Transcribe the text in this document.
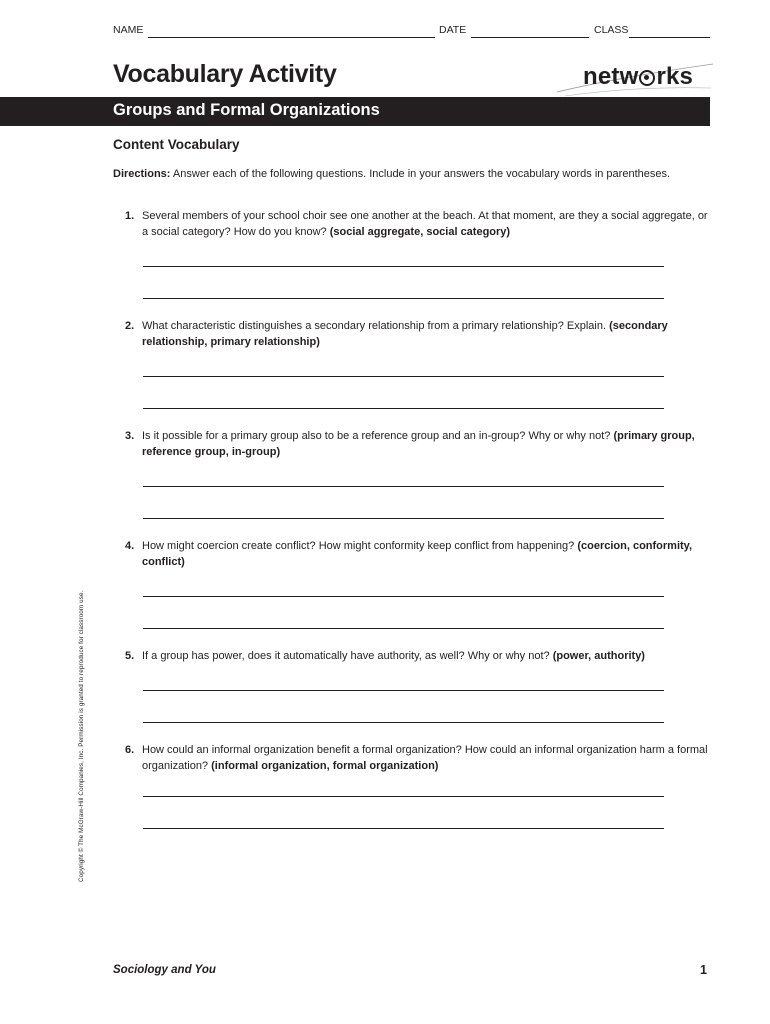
NAME	DATE	CLASS
Vocabulary Activity	netw rks
Groups and Formal Organizations
Content Vocabulary
Directions: Answer each of the following questions. Include in your answers the vocabulary words in parentheses.
1. Several members of your school choir see one another at the beach. At that moment, are they a social aggregate, or a social category? How do you know? (social aggregate, social category)
2. What characteristic distinguishes a secondary relationship from a primary relationship? Explain. (secondary relationship, primary relationship)
3. Is it possible for a primary group also to be a reference group and an in-group? Why or why not? (primary group, reference group, in-group)
4. How might coercion create conflict? How might conformity keep conflict from happening? (coercion, conformity, conflict)
5. If a group has power, does it automatically have authority, as well? Why or why not? (power, authority)
6. How could an informal organization benefit a formal organization? How could an informal organization harm a formal organization? (informal organization, formal organization)
Copyright © The McGraw-Hill Companies, Inc. Permission is granted to reproduce for classroom use.
Sociology and You	1
